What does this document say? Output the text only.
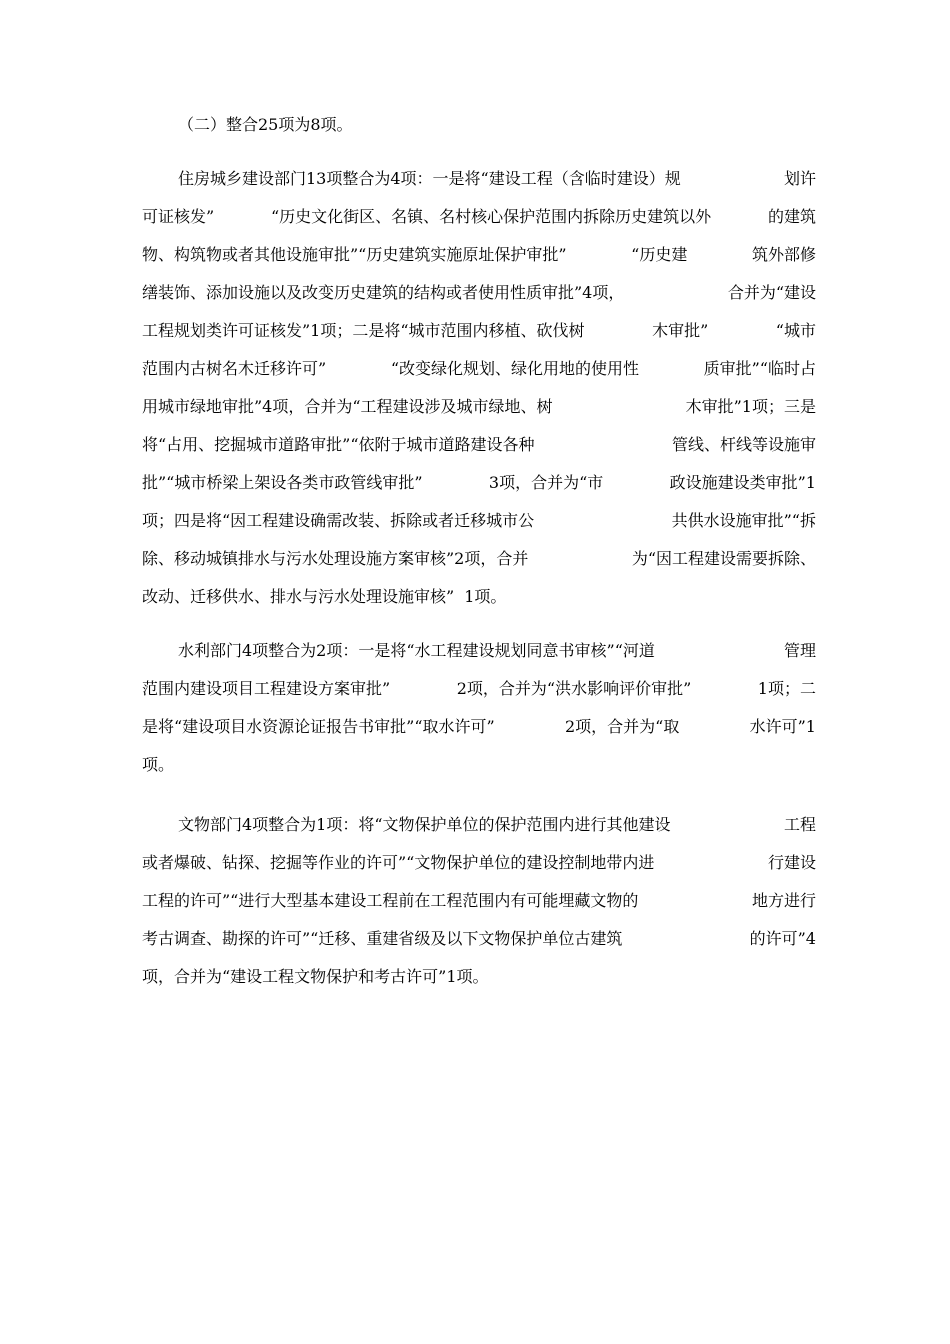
（二）整合25项为8项。
住房城乡建设部门13项整合为4项：一是将“建设工程（含临时建设）规	划许
可证核发”	“历史文化街区、名镇、名村核心保护范围内拆除历史建筑以外	的建筑
物、构筑物或者其他设施审批”“历史建筑实施原址保护审批”	“历史建	筑外部修
缮装饰、添加设施以及改变历史建筑的结构或者使用性质审批”4项，	合并为“建设
工程规划类许可证核发”1项；二是将“城市范围内移植、砍伐树	木审批”	“城市
范围内古树名木迁移许可”	“改变绿化规划、绿化用地的使用性	质审批”“临时占
用城市绿地审批”4项，合并为“工程建设涉及城市绿地、树	木审批”1项；三是
将“占用、挖掘城市道路审批”“依附于城市道路建设各种	管线、杆线等设施审
批”“城市桥梁上架设各类市政管线审批”	3项，合并为“市	政设施建设类审批”1
项；四是将“因工程建设确需改装、拆除或者迁移城市公	共供水设施审批”“拆
除、移动城镇排水与污水处理设施方案审核”2项，合并	为“因工程建设需要拆除、
改动、迁移供水、排水与污水处理设施审核” 1项。
水利部门4项整合为2项：一是将“水工程建设规划同意书审核”“河道	管理
范围内建设项目工程建设方案审批”	2项，合并为“洪水影响评价审批”	1项；二
是将“建设项目水资源论证报告书审批”“取水许可”	2项，合并为“取	水许可”1
项。
文物部门4项整合为1项：将“文物保护单位的保护范围内进行其他建设	工程
或者爆破、钻探、挖掘等作业的许可”“文物保护单位的建设控制地带内进	行建设
工程的许可”“进行大型基本建设工程前在工程范围内有可能埋藏文物的	地方进行
考古调查、勘探的许可”“迁移、重建省级及以下文物保护单位古建筑	的许可”4
项，合并为“建设工程文物保护和考古许可”1项。
